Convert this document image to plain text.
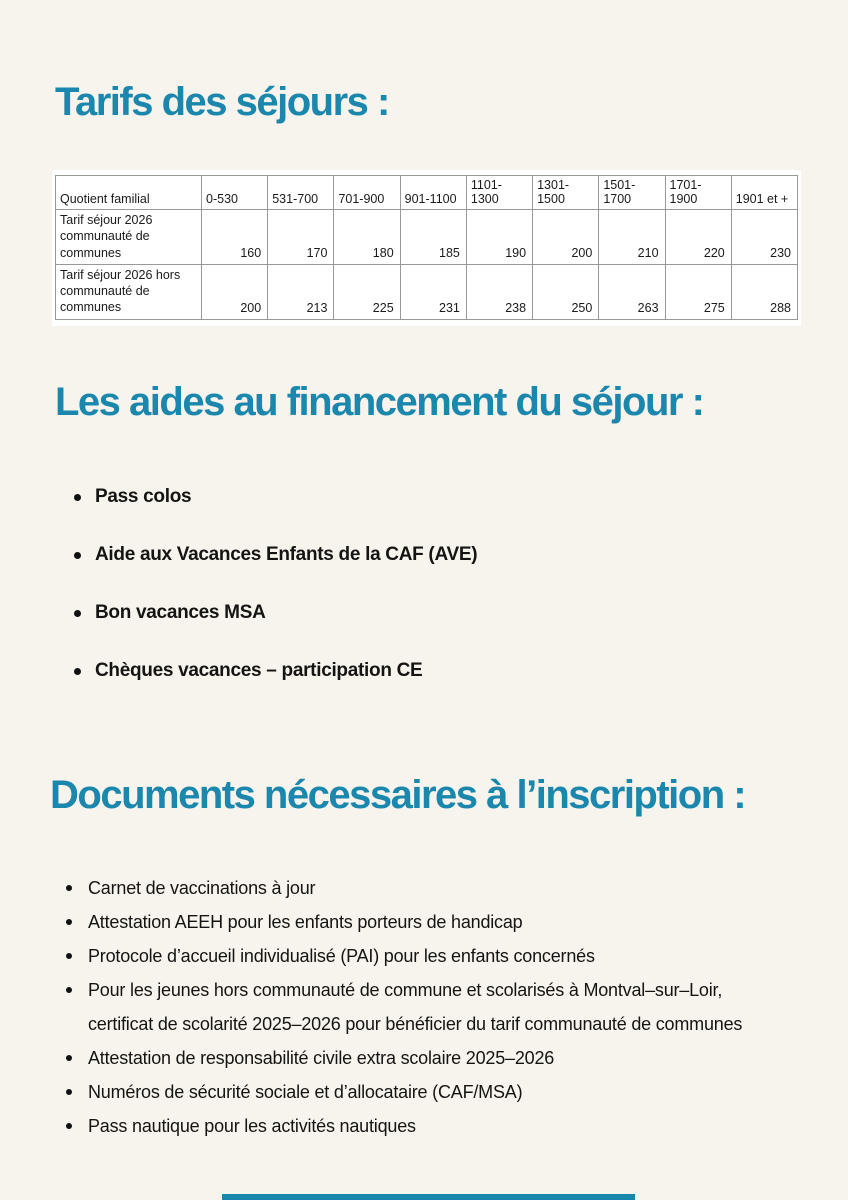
Tarifs des séjours :
Quotient familial	0-530	531-700	701-900	901-1100	1101-1300	1301-1500	1501-1700	1701-1900	1901 et +
Tarif séjour 2026 communauté de communes	160	170	180	185	190	200	210	220	230
Tarif séjour 2026 hors communauté de communes	200	213	225	231	238	250	263	275	288
Les aides au financement du séjour :
Pass colos
Aide aux Vacances Enfants de la CAF (AVE)
Bon vacances MSA
Chèques vacances – participation CE
Documents nécessaires à l’inscription :
Carnet de vaccinations à jour
Attestation AEEH pour les enfants porteurs de handicap
Protocole d’accueil individualisé (PAI) pour les enfants concernés
Pour les jeunes hors communauté de commune et scolarisés à Montval–sur–Loir, certificat de scolarité 2025–2026 pour bénéficier du tarif communauté de communes
Attestation de responsabilité civile extra scolaire 2025–2026
Numéros de sécurité sociale et d’allocataire (CAF/MSA)
Pass nautique pour les activités nautiques
